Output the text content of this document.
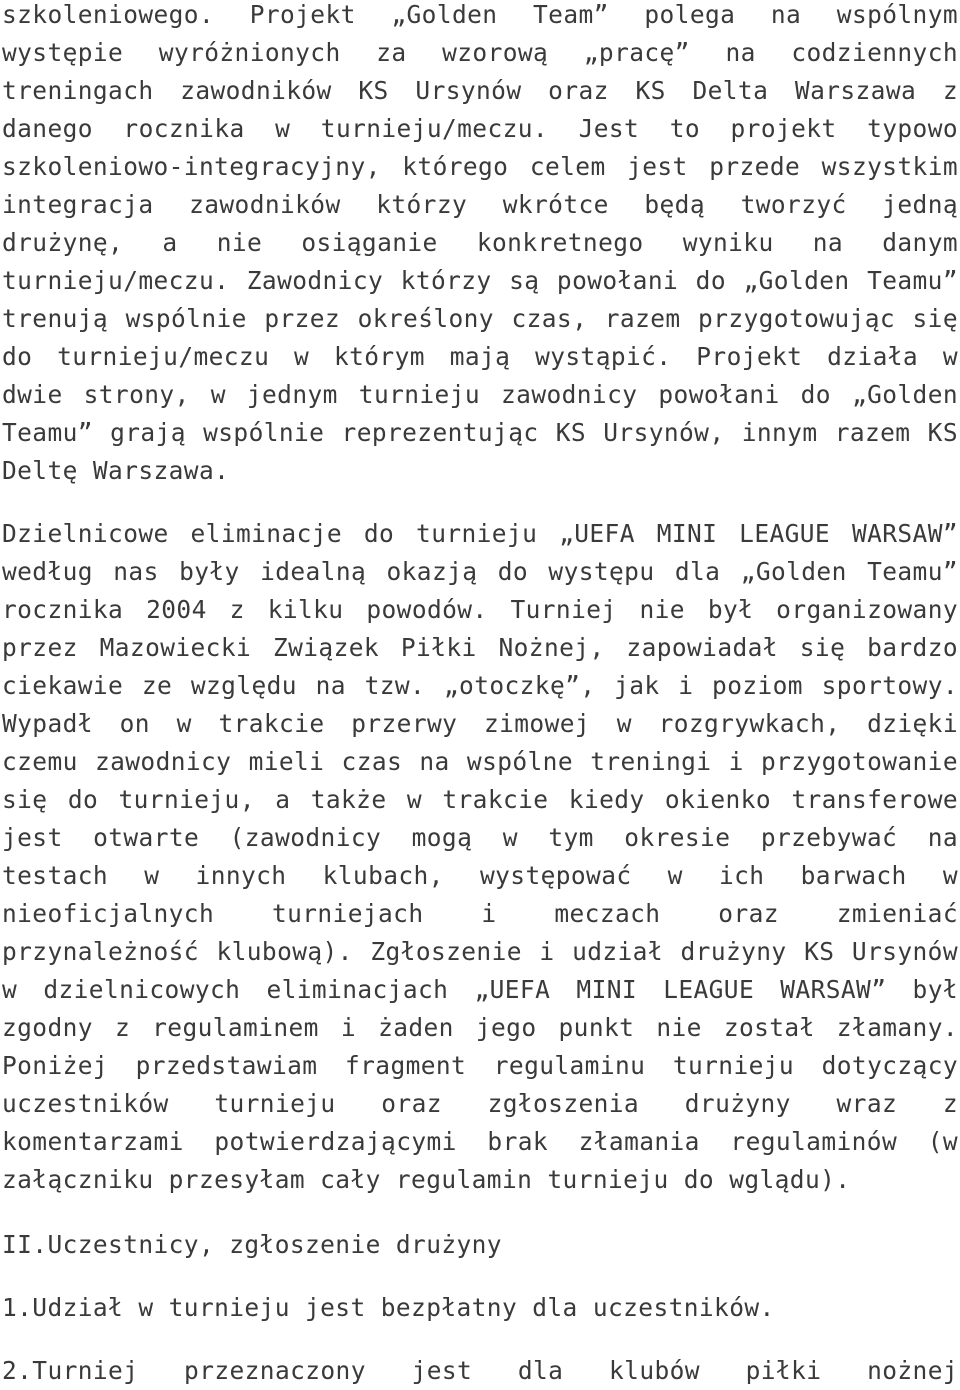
szkoleniowego. Projekt „Golden Team” polega na wspólnym
występie wyróżnionych za wzorową „pracę” na codziennych
treningach zawodników KS Ursynów oraz KS Delta Warszawa z
danego rocznika w turnieju/meczu. Jest to projekt typowo
szkoleniowo-integracyjny, którego celem jest przede wszystkim
integracja zawodników którzy wkrótce będą tworzyć jedną
drużynę, a nie osiąganie konkretnego wyniku na danym
turnieju/meczu. Zawodnicy którzy są powołani do „Golden Teamu”
trenują wspólnie przez określony czas, razem przygotowując się
do turnieju/meczu w którym mają wystąpić. Projekt działa w
dwie strony, w jednym turnieju zawodnicy powołani do „Golden
Teamu” grają wspólnie reprezentując KS Ursynów, innym razem KS
Deltę Warszawa.
Dzielnicowe eliminacje do turnieju „UEFA MINI LEAGUE WARSAW”
według nas były idealną okazją do występu dla „Golden Teamu”
rocznika 2004 z kilku powodów. Turniej nie był organizowany
przez Mazowiecki Związek Piłki Nożnej, zapowiadał się bardzo
ciekawie ze względu na tzw. „otoczkę”, jak i poziom sportowy.
Wypadł on w trakcie przerwy zimowej w rozgrywkach, dzięki
czemu zawodnicy mieli czas na wspólne treningi i przygotowanie
się do turnieju, a także w trakcie kiedy okienko transferowe
jest otwarte (zawodnicy mogą w tym okresie przebywać na
testach w innych klubach, występować w ich barwach w
nieoficjalnych turniejach i meczach oraz zmieniać
przynależność klubową). Zgłoszenie i udział drużyny KS Ursynów
w dzielnicowych eliminacjach „UEFA MINI LEAGUE WARSAW” był
zgodny z regulaminem i żaden jego punkt nie został złamany.
Poniżej przedstawiam fragment regulaminu turnieju dotyczący
uczestników turnieju oraz zgłoszenia drużyny wraz z
komentarzami potwierdzającymi brak złamania regulaminów (w
załączniku przesyłam cały regulamin turnieju do wglądu).
II.Uczestnicy, zgłoszenie drużyny
1.Udział w turnieju jest bezpłatny dla uczestników.
2.Turniej przeznaczony jest dla klubów piłki nożnej
